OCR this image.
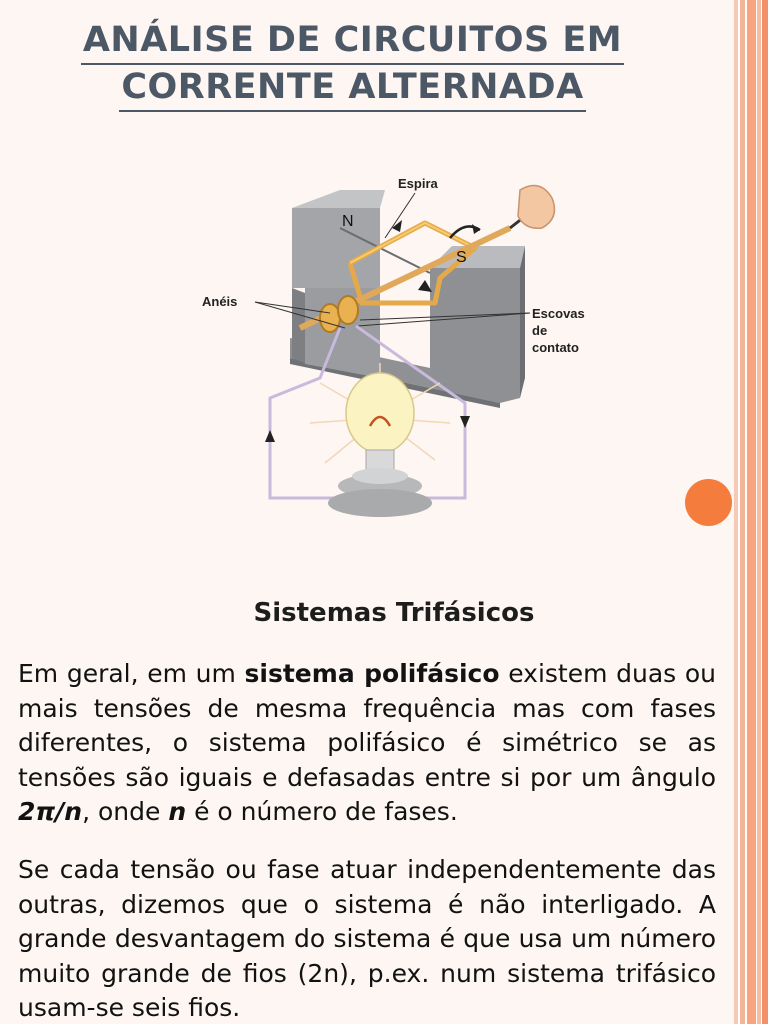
ANÁLISE DE CIRCUITOS EM
CORRENTE ALTERNADA
Espira
Anéis
Escovas
de
contato
N
S
Sistemas Trifásicos

Em geral, em um sistema polifásico existem duas ou mais tensões de mesma frequência mas com fases diferentes, o sistema polifásico é simétrico se as tensões são iguais e defasadas entre si por um ângulo 2π/n, onde n é o número de fases.

Se cada tensão ou fase atuar independentemente das outras, dizemos que o sistema é não interligado. A grande desvantagem do sistema é que usa um número muito grande de fios (2n), p.ex. num sistema trifásico usam-se seis fios.
